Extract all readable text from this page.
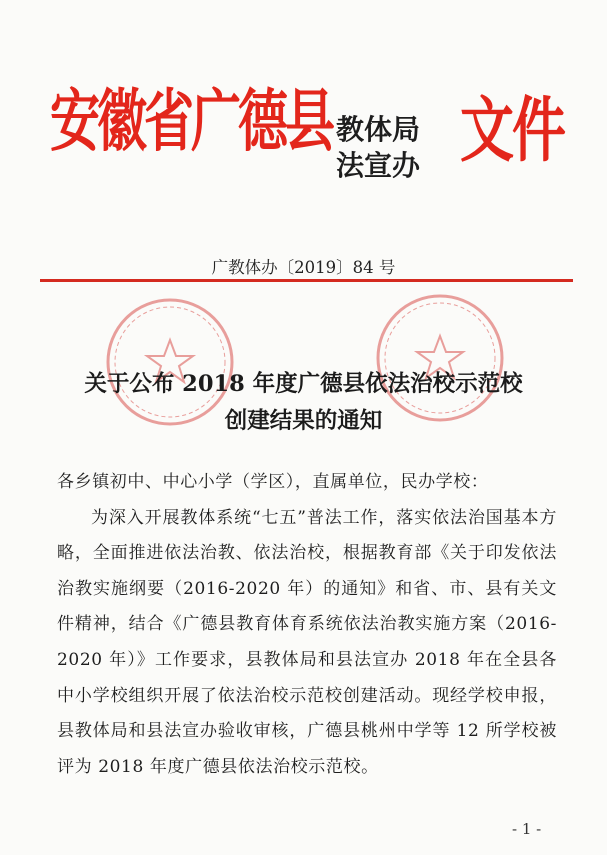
安徽省广德县 教体局
法宣办 文件
广教体办〔2019〕84 号
关于公布 2018 年度广德县依法治校示范校
创建结果的通知

各乡镇初中、中心小学（学区），直属单位，民办学校：

为深入开展教体系统“七五”普法工作，落实依法治国基本方略，全面推进依法治教、依法治校，根据教育部《关于印发依法治教实施纲要（2016-2020 年）的通知》和省、市、县有关文件精神，结合《广德县教育体育系统依法治教实施方案（2016-2020 年）》工作要求，县教体局和县法宣办 2018 年在全县各中小学校组织开展了依法治校示范校创建活动。现经学校申报，县教体局和县法宣办验收审核，广德县桃州中学等 12 所学校被评为 2018 年度广德县依法治校示范校。

- 1 -
